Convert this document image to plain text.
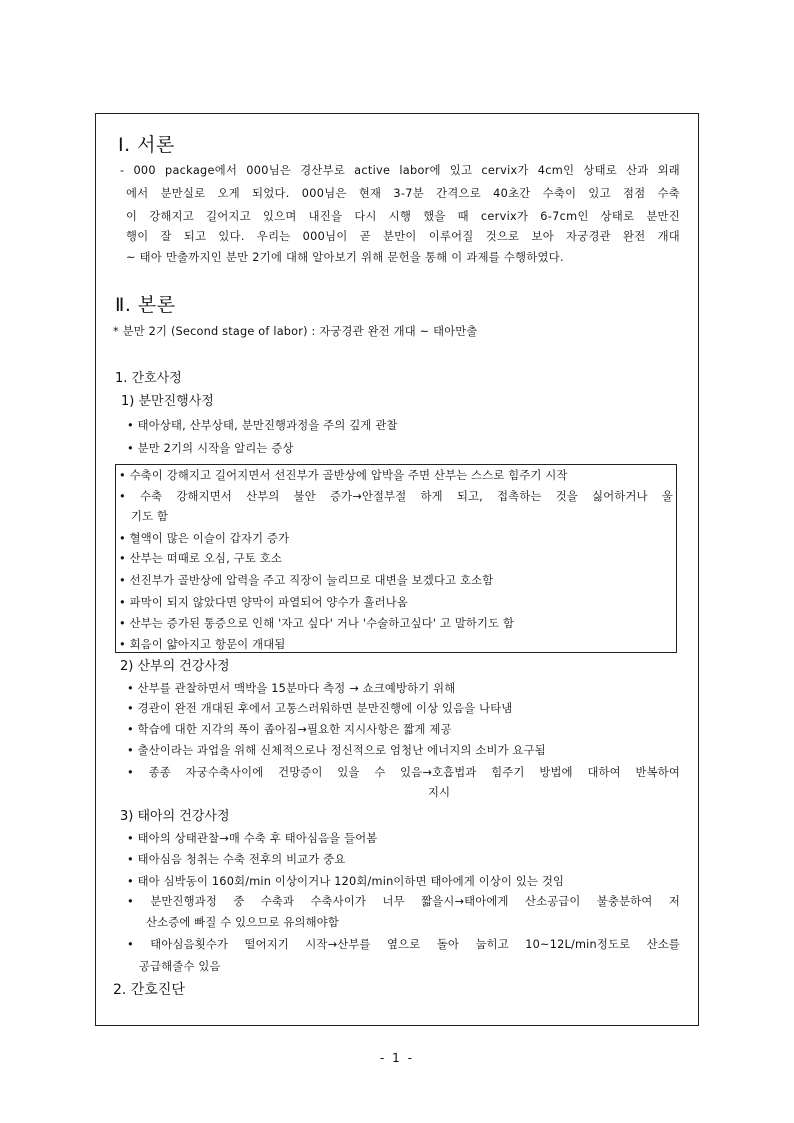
Ⅰ. 서론
- 000 package에서 000님은 경산부로 active labor에 있고 cervix가 4cm인 상태로 산과 외래
에서 분만실로 오게 되었다. 000님은 현재 3-7분 간격으로 40초간 수축이 있고 점점 수축
이 강해지고 길어지고 있으며 내진을 다시 시행 했을 때 cervix가 6-7cm인 상태로 분만진
행이 잘 되고 있다. 우리는 000님이 곧 분만이 이루어질 것으로 보아 자궁경관 완전 개대
~ 태아 만출까지인 분만 2기에 대해 알아보기 위해 문헌을 통해 이 과제를 수행하였다.
Ⅱ. 본론
* 분만 2기 (Second stage of labor) : 자궁경관 완전 개대 ~ 태아만출
1. 간호사정
1) 분만진행사정
• 태아상태, 산부상태, 분만진행과정을 주의 깊게 관찰
• 분만 2기의 시작을 알리는 증상
• 수축이 강해지고 길어지면서 선진부가 골반상에 압박을 주면 산부는 스스로 힘주기 시작
• 수축 강해지면서 산부의 불안 증가→안절부절 하게 되고, 접촉하는 것을 싫어하거나 울
기도 함
• 혈액이 많은 이슬이 갑자기 증가
• 산부는 떠때로 오심, 구토 호소
• 선진부가 골반상에 압력을 주고 직장이 눌리므로 대변을 보겠다고 호소함
• 파막이 되지 않았다면 양막이 파열되어 양수가 흘러나옴
• 산부는 증가된 통증으로 인해 '자고 싶다' 거나 '수술하고싶다' 고 말하기도 함
• 회음이 얇아지고 항문이 개대됨
2) 산부의 건강사정
• 산부를 관찰하면서 맥박을 15분마다 측정 → 쇼크예방하기 위해
• 경관이 완전 개대된 후에서 고통스러워하면 분만진행에 이상 있음을 나타냄
• 학습에 대한 지각의 폭이 좁아짐→필요한 지시사항은 짧게 제공
• 출산이라는 과업을 위해 신체적으로나 정신적으로 엄청난 에너지의 소비가 요구됨
• 종종 자궁수축사이에 건망증이 있을 수 있음→호흡법과 힘주기 방법에 대하여 반복하여
지시
3) 태아의 건강사정
• 태아의 상태관찰→매 수축 후 태아심음을 들어봄
• 태아심음 청취는 수축 전후의 비교가 중요
• 태아 심박동이 160회/min 이상이거나 120회/min이하면 태아에게 이상이 있는 것임
• 분만진행과정 중 수축과 수축사이가 너무 짧을시→태아에게 산소공급이 불충분하여 저
산소증에 빠질 수 있으므로 유의해야함
• 태아심음횟수가 떨어지기 시작→산부를 옆으로 돌아 눕히고 10~12L/min정도로 산소를
공급해줄수 있음
2. 간호진단
- 1 -
